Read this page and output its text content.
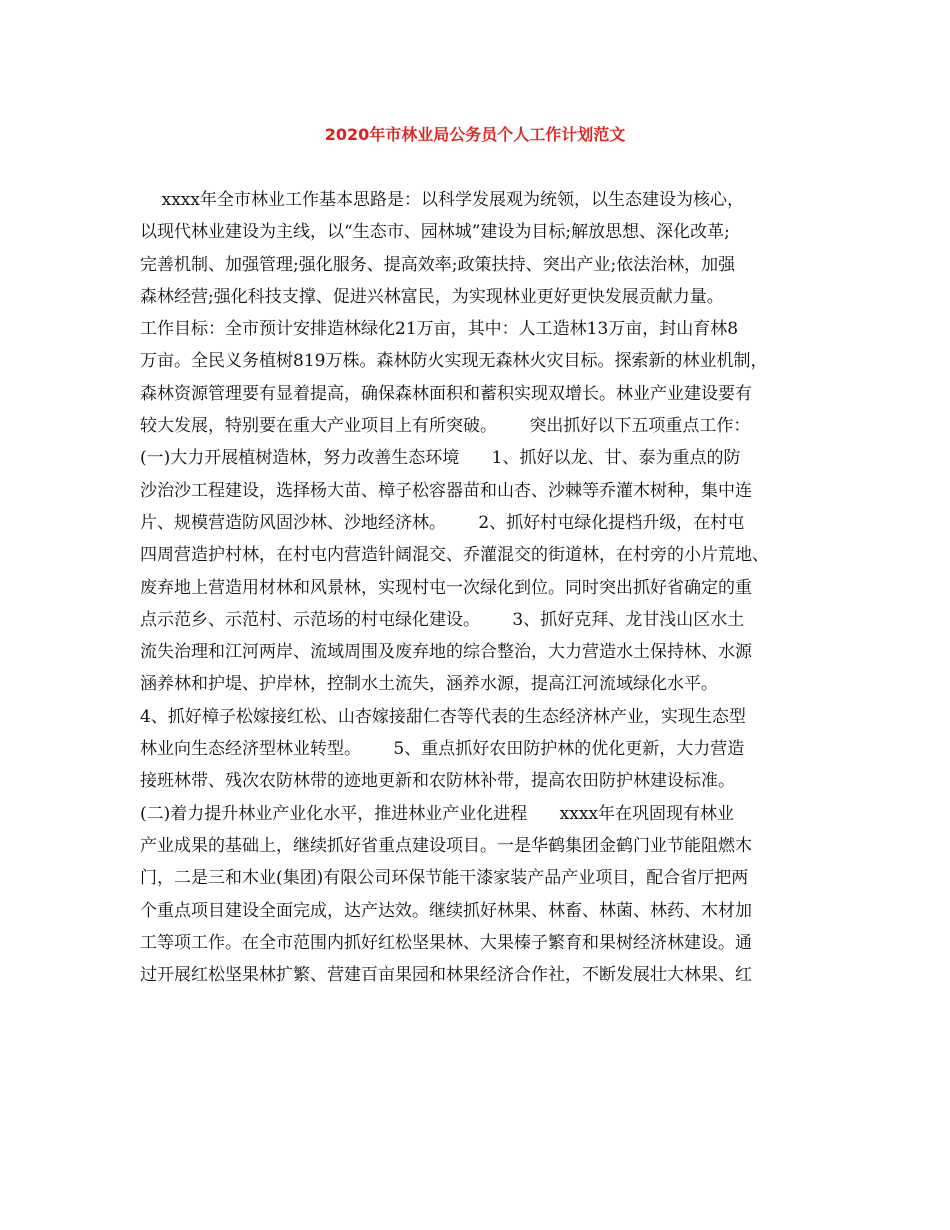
2020年市林业局公务员个人工作计划范文
xxxx年全市林业工作基本思路是：以科学发展观为统领，以生态建设为核心，
以现代林业建设为主线，以“生态市、园林城”建设为目标;解放思想、深化改革;
完善机制、加强管理;强化服务、提高效率;政策扶持、突出产业;依法治林，加强
森林经营;强化科技支撑、促进兴林富民，为实现林业更好更快发展贡献力量。
工作目标：全市预计安排造林绿化21万亩，其中：人工造林13万亩，封山育林8
万亩。全民义务植树819万株。森林防火实现无森林火灾目标。探索新的林业机制，
森林资源管理要有显着提高，确保森林面积和蓄积实现双增长。林业产业建设要有
较大发展，特别要在重大产业项目上有所突破。      突出抓好以下五项重点工作：
(一)大力开展植树造林，努力改善生态环境      1、抓好以龙、甘、泰为重点的防
沙治沙工程建设，选择杨大苗、樟子松容器苗和山杏、沙棘等乔灌木树种，集中连
片、规模营造防风固沙林、沙地经济林。      2、抓好村屯绿化提档升级，在村屯
四周营造护村林，在村屯内营造针阔混交、乔灌混交的街道林，在村旁的小片荒地、
废弃地上营造用材林和风景林，实现村屯一次绿化到位。同时突出抓好省确定的重
点示范乡、示范村、示范场的村屯绿化建设。      3、抓好克拜、龙甘浅山区水土
流失治理和江河两岸、流域周围及废弃地的综合整治，大力营造水土保持林、水源
涵养林和护堤、护岸林，控制水土流失，涵养水源，提高江河流域绿化水平。
4、抓好樟子松嫁接红松、山杏嫁接甜仁杏等代表的生态经济林产业，实现生态型
林业向生态经济型林业转型。      5、重点抓好农田防护林的优化更新，大力营造
接班林带、残次农防林带的迹地更新和农防林补带，提高农田防护林建设标准。
(二)着力提升林业产业化水平，推进林业产业化进程      xxxx年在巩固现有林业
产业成果的基础上，继续抓好省重点建设项目。一是华鹤集团金鹤门业节能阻燃木
门，二是三和木业(集团)有限公司环保节能干漆家装产品产业项目，配合省厅把两
个重点项目建设全面完成，达产达效。继续抓好林果、林畜、林菌、林药、木材加
工等项工作。在全市范围内抓好红松坚果林、大果榛子繁育和果树经济林建设。通
过开展红松坚果林扩繁、营建百亩果园和林果经济合作社，不断发展壮大林果、红
